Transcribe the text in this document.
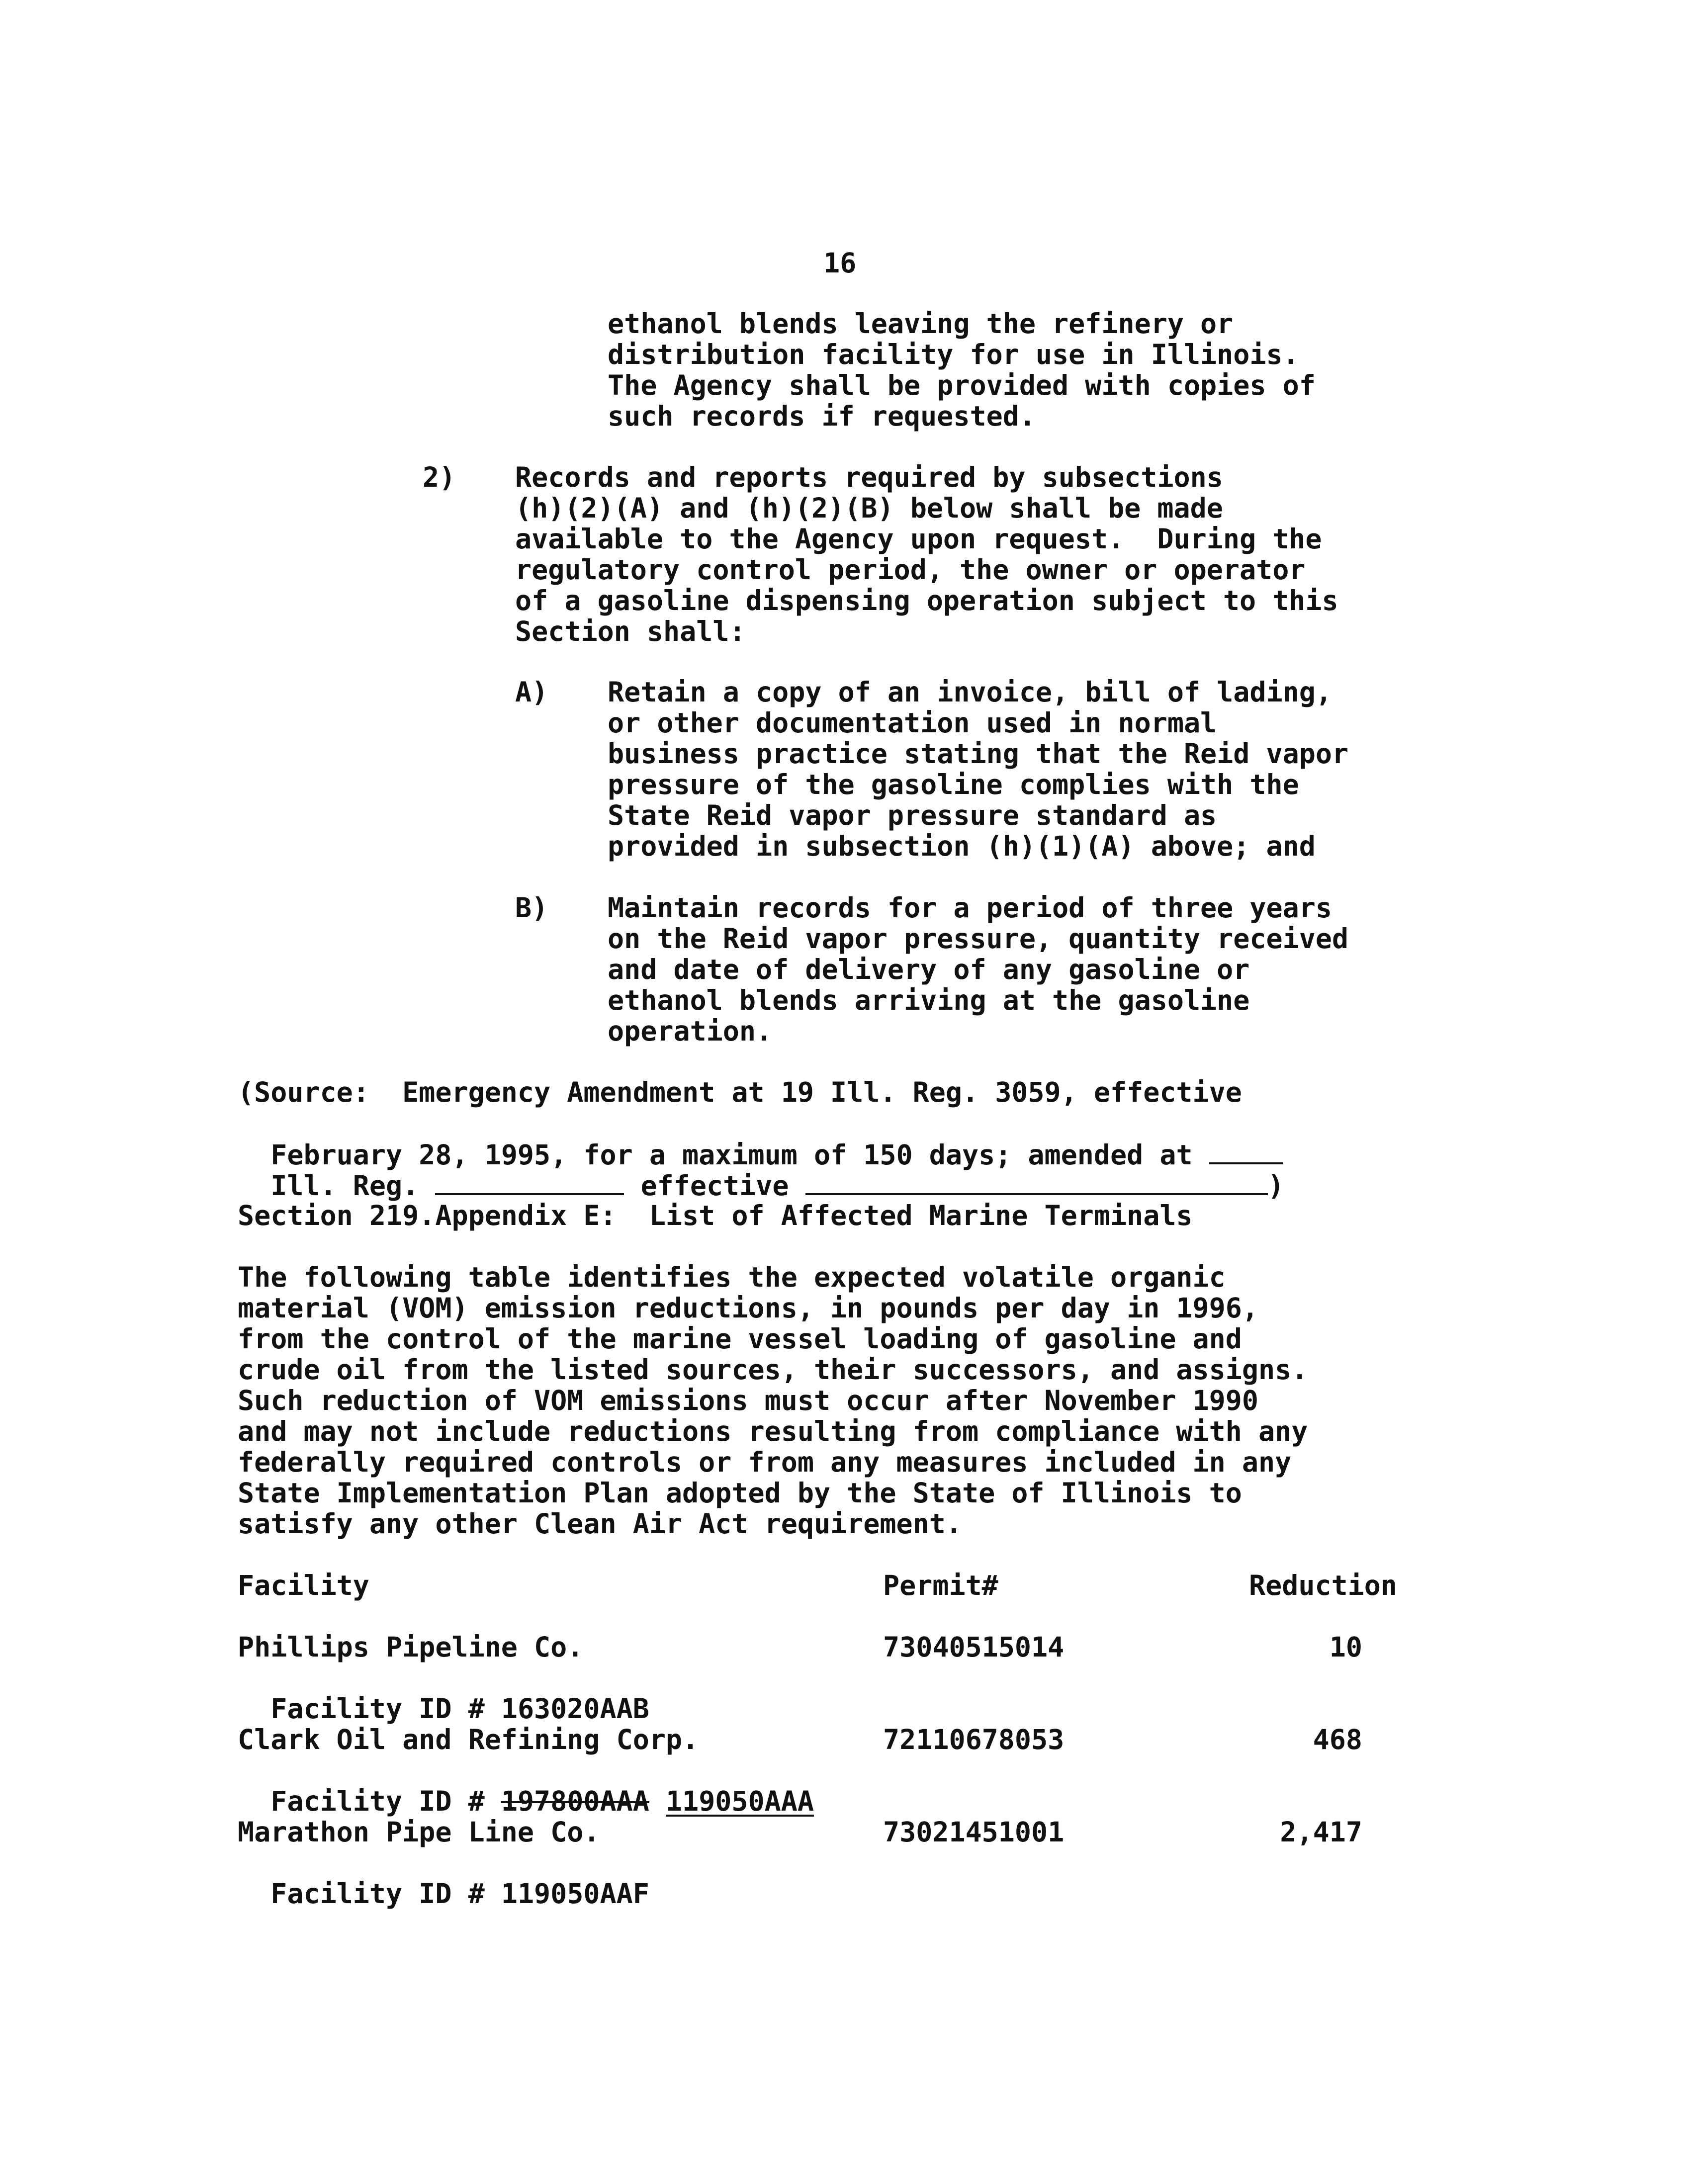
16
ethanol blends leaving the refinery or
distribution facility for use in Illinois.
The Agency shall be provided with copies of
such records if requested.
2) Records and reports required by subsections
(h)(2)(A) and (h)(2)(B) below shall be made
available to the Agency upon request.  During the
regulatory control period, the owner or operator
of a gasoline dispensing operation subject to this
Section shall:
A) Retain a copy of an invoice, bill of lading,
or other documentation used in normal
business practice stating that the Reid vapor
pressure of the gasoline complies with the
State Reid vapor pressure standard as
provided in subsection (h)(1)(A) above; and
B) Maintain records for a period of three years
on the Reid vapor pressure, quantity received
and date of delivery of any gasoline or
ethanol blends arriving at the gasoline
operation.
(Source:  Emergency Amendment at 19 Ill. Reg. 3059, effective

February 28, 1995, for a maximum of 150 days; amended at

Ill. Reg.	effective	)

Section 219.Appendix E:  List of Affected Marine Terminals
The following table identifies the expected volatile organic
material (VOM) emission reductions, in pounds per day in 1996,
from the control of the marine vessel loading of gasoline and
crude oil from the listed sources, their successors, and assigns.
Such reduction of VOM emissions must occur after November 1990
and may not include reductions resulting from compliance with any
federally required controls or from any measures included in any
State Implementation Plan adopted by the State of Illinois to
satisfy any other Clean Air Act requirement.
Facility	Permit#	Reduction
Phillips Pipeline Co.	73040515014	10

Facility ID # 163020AAB

Clark Oil and Refining Corp.	72110678053	468

Facility ID # 197800AAA 119050AAA

Marathon Pipe Line Co.	73021451001	2,417

Facility ID # 119050AAF
